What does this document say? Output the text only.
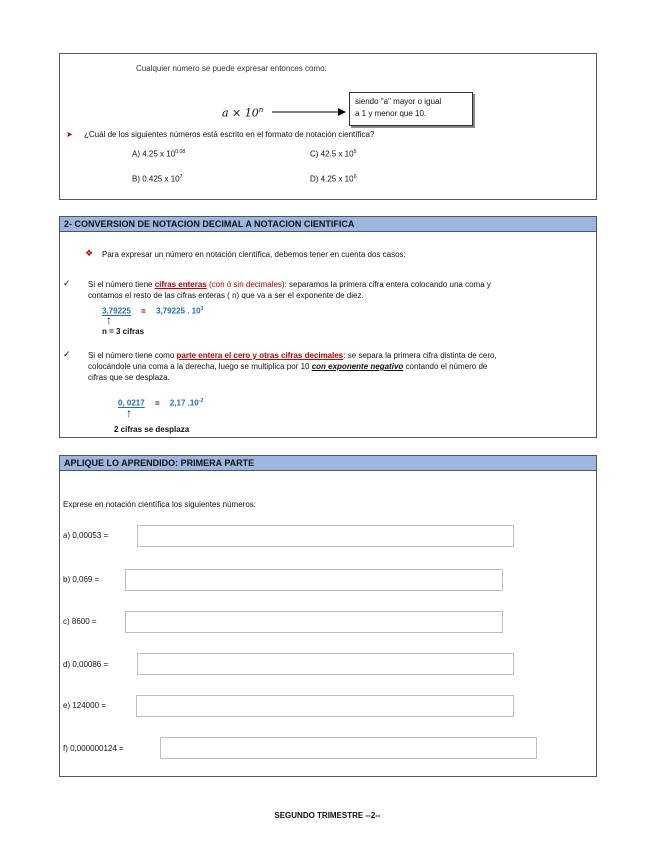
Cualquier número se puede expresar entonces como:
$a \times 10^n$
siendo "a" mayor o igual
a 1 y menor que 10.
➤ ¿Cuál de los siguientes números está escrito en el formato de notación científica?
A) 4.25 x $10^{0.08}$	C) 42.5 x $10^5$
B) 0.425 x $10^7$	D) 4.25 x $10^6$
2- CONVERSION DE NOTACION DECIMAL A NOTACION CIENTIFICA
❖ Para expresar un número en notación científica, debemos tener en cuenta dos casos:
✓ Si el número tiene cifras enteras (con ó sin decimales): separamos la primera cifra entera colocando una coma y
contamos el resto de las cifras enteras ( n) que va a ser el exponente de diez.
3,79225 = 3,79225 . $10^3$
↑
n = 3 cifras
✓ Si el número tiene como parte entera el cero y otras cifras decimales: se separa la primera cifra distinta de cero,
colocándole una coma a la derecha, luego se multiplica por 10 con exponente negativo contando el número de
cifras que se desplaza.
0, 0217 = 2,17 $.10^{-2}$
↑
2 cifras se desplaza
APLIQUE LO APRENDIDO: PRIMERA PARTE
Exprese en notación científica los siguientes números:
a) 0,00053 =
b) 0,069 =
c) 8600 =
d) 0,00086 =
e) 124000 =
f) 0,000000124 =
SEGUNDO TRIMESTRE --2--
